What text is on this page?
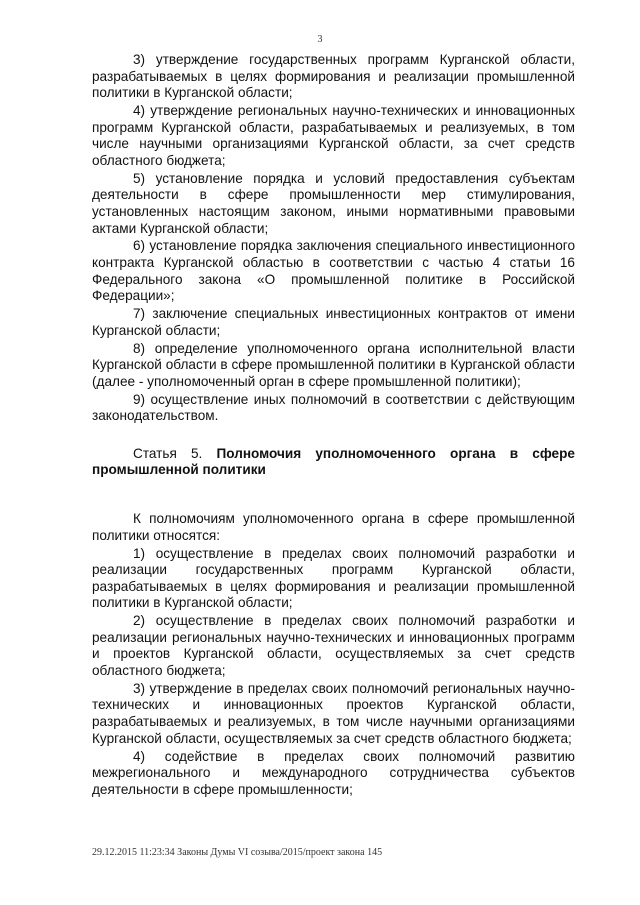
3

3) утверждение государственных программ Курганской области, разрабатываемых в целях формирования и реализации промышленной политики в Курганской области;

4) утверждение региональных научно-технических и инновационных программ Курганской области, разрабатываемых и реализуемых, в том числе научными организациями Курганской области, за счет средств областного бюджета;

5) установление порядка и условий предоставления субъектам деятельности в сфере промышленности мер стимулирования, установленных настоящим законом, иными нормативными правовыми актами Курганской области;

6) установление порядка заключения специального инвестиционного контракта Курганской областью в соответствии с частью 4 статьи 16 Федерального закона «О промышленной политике в Российской Федерации»;

7) заключение специальных инвестиционных контрактов от имени Курганской области;

8) определение уполномоченного органа исполнительной власти Курганской области в сфере промышленной политики в Курганской области (далее - уполномоченный орган в сфере промышленной политики);

9) осуществление иных полномочий в соответствии с действующим законодательством.

Статья 5. Полномочия уполномоченного органа в сфере промышленной политики

К полномочиям уполномоченного органа в сфере промышленной политики относятся:

1) осуществление в пределах своих полномочий разработки и реализации государственных программ Курганской области, разрабатываемых в целях формирования и реализации промышленной политики в Курганской области;

2) осуществление в пределах своих полномочий разработки и реализации региональных научно-технических и инновационных программ и проектов Курганской области, осуществляемых за счет средств областного бюджета;

3) утверждение в пределах своих полномочий региональных научно-технических и инновационных проектов Курганской области, разрабатываемых и реализуемых, в том числе научными организациями Курганской области, осуществляемых за счет средств областного бюджета;

4) содействие в пределах своих полномочий развитию межрегионального и международного сотрудничества субъектов деятельности в сфере промышленности;

29.12.2015 11:23:34 Законы Думы VI созыва/2015/проект закона 145
